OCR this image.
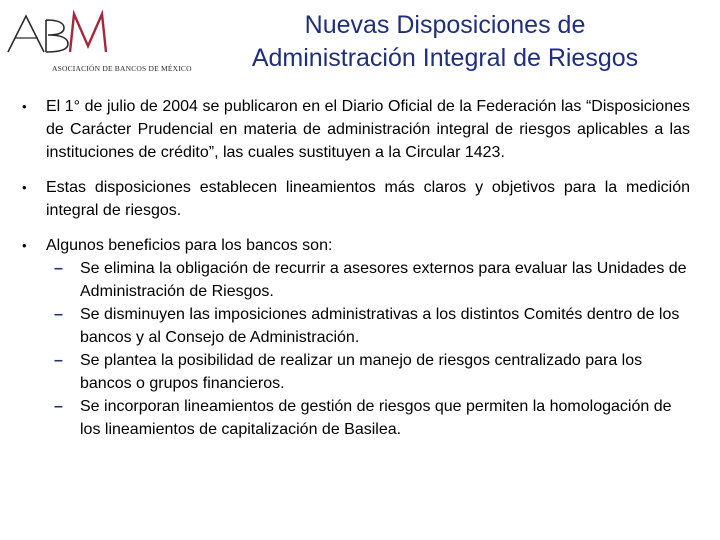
ASOCIACIÓN DE BANCOS DE MÉXICO
Nuevas Disposiciones de
Administración Integral de Riesgos
• El 1° de julio de 2004 se publicaron en el Diario Oficial de la Federación las “Disposiciones de Carácter Prudencial en materia de administración integral de riesgos aplicables a las instituciones de crédito”, las cuales sustituyen a la Circular 1423.
• Estas disposiciones establecen lineamientos más claros y objetivos para la medición integral de riesgos.
• Algunos beneficios para los bancos son:
– Se elimina la obligación de recurrir a asesores externos para evaluar las Unidades de Administración de Riesgos.
– Se disminuyen las imposiciones administrativas a los distintos Comités dentro de los bancos y al Consejo de Administración.
– Se plantea la posibilidad de realizar un manejo de riesgos centralizado para los bancos o grupos financieros.
– Se incorporan lineamientos de gestión de riesgos que permiten la homologación de los lineamientos de capitalización de Basilea.
